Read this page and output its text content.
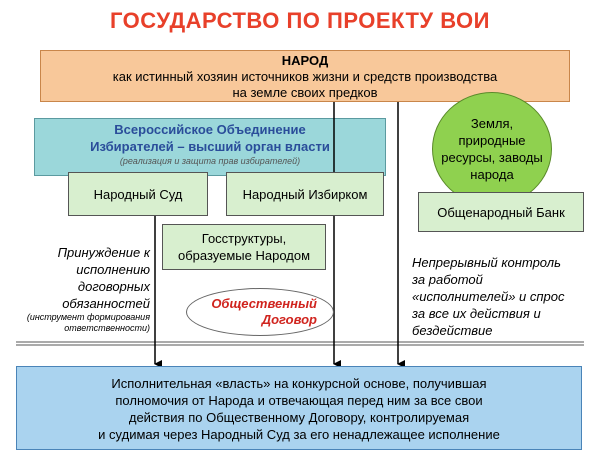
ГОСУДАРСТВО ПО ПРОЕКТУ ВОИ
НАРОД
как истинный хозяин источников жизни и средств производства
на земле своих предков
Всероссийское Объединение
Избирателей – высший орган власти
(реализация и защита прав избирателей)
Земля,
природные
ресурсы, заводы
народа
Народный Суд	Народный Избирком
Общенародный Банк
Госструктуры,
образуемые Народом
Принуждение к
исполнению
договорных
обязанностей
(инструмент формирования
ответственности)
Непрерывный контроль
за работой
«исполнителей» и спрос
за все их действия и
бездействие
Общественный
Договор
Исполнительная «власть» на конкурсной основе, получившая
полномочия от Народа и отвечающая перед ним за все свои
действия по Общественному Договору, контролируемая
и судимая через Народный Суд за его ненадлежащее исполнение
